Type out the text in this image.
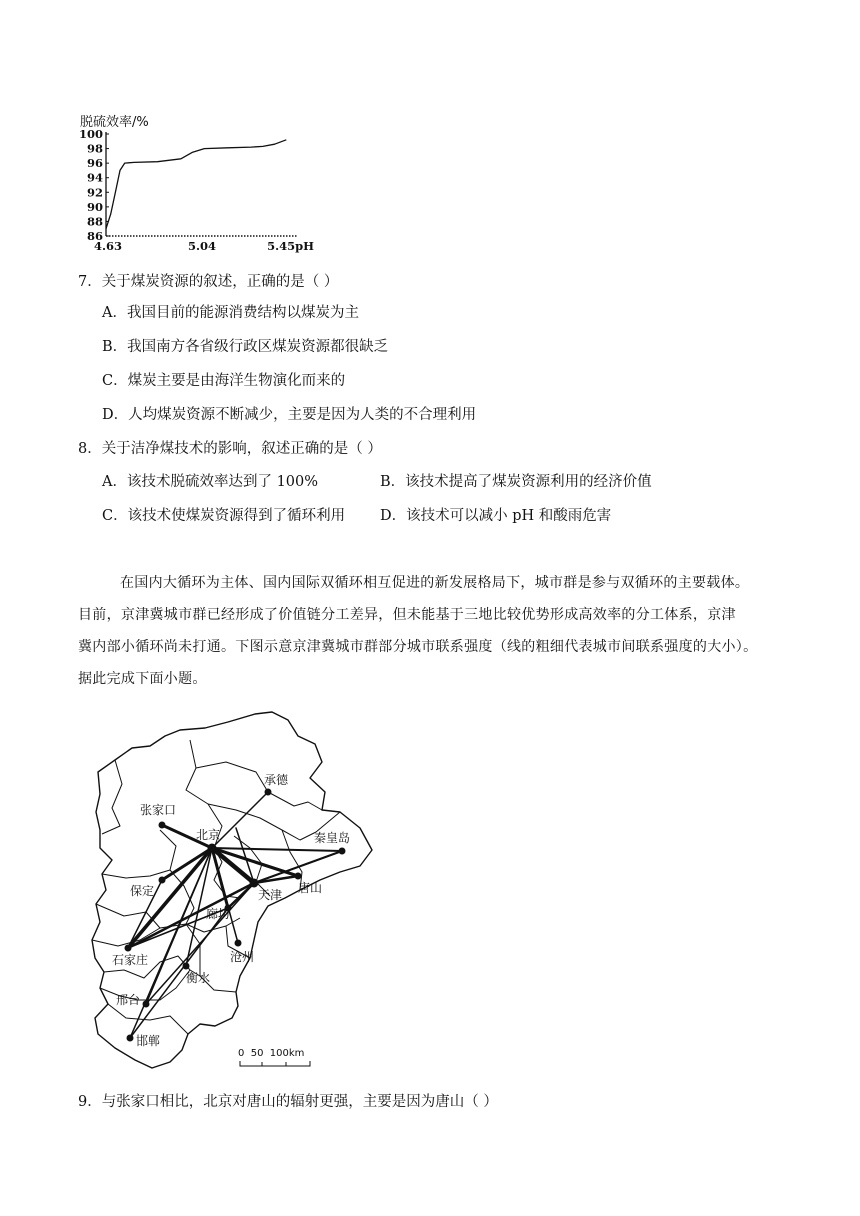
脱硫效率/%
100
98
96
94
92
90
88
86
4.63	5.04	5.45pH
7．关于煤炭资源的叙述，正确的是（ ）
A．我国目前的能源消费结构以煤炭为主
B．我国南方各省级行政区煤炭资源都很缺乏
C．煤炭主要是由海洋生物演化而来的
D．人均煤炭资源不断减少，主要是因为人类的不合理利用
8．关于洁净煤技术的影响，叙述正确的是（ ）
A．该技术脱硫效率达到了 100%	B．该技术提高了煤炭资源利用的经济价值
C．该技术使煤炭资源得到了循环利用 D．该技术可以减小 pH 和酸雨危害
在国内大循环为主体、国内国际双循环相互促进的新发展格局下，城市群是参与双循环的主要载体。
目前，京津冀城市群已经形成了价值链分工差异，但未能基于三地比较优势形成高效率的分工体系，京津
冀内部小循环尚未打通。下图示意京津冀城市群部分城市联系强度（线的粗细代表城市间联系强度的大小）。
据此完成下面小题。
承德
张家口
北京	秦皇岛
保定	唐山
天津
廊坊
沧州
石家庄
衡水
邢台
邯郸
0  50  100km
9．与张家口相比，北京对唐山的辐射更强，主要是因为唐山（ ）
